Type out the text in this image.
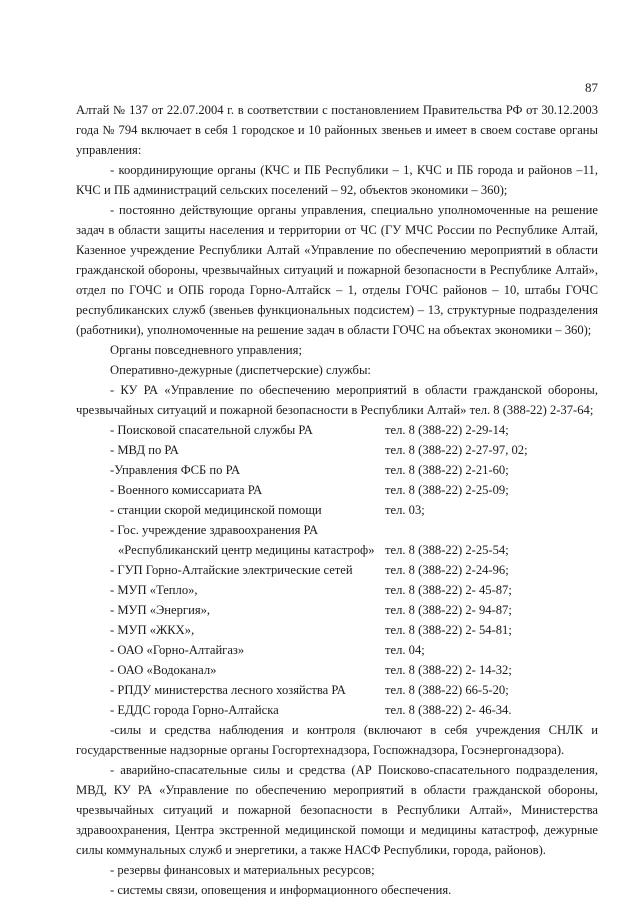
87

Алтай № 137 от 22.07.2004 г. в соответствии с постановлением Правительства РФ от 30.12.2003 года № 794 включает в себя 1 городское и 10 районных звеньев и имеет в своем составе органы управления:

- координирующие органы (КЧС и ПБ Республики – 1, КЧС и ПБ города и районов –11, КЧС и ПБ администраций сельских поселений – 92, объектов экономики – 360);

- постоянно действующие органы управления, специально уполномоченные на решение задач в области защиты населения и территории от ЧС (ГУ МЧС России по Республике Алтай, Казенное учреждение Республики Алтай «Управление по обеспечению мероприятий в области гражданской обороны, чрезвычайных ситуаций и пожарной безопасности в Республике Алтай», отдел по ГОЧС и ОПБ города Горно-Алтайск – 1, отделы ГОЧС районов – 10, штабы ГОЧС республиканских служб (звеньев функциональных подсистем) – 13, структурные подразделения (работники), уполномоченные на решение задач в области ГОЧС на объектах экономики – 360);

Органы повседневного управления;

Оперативно-дежурные (диспетчерские) службы:

- КУ РА «Управление по обеспечению мероприятий в области гражданской обороны, чрезвычайных ситуаций и пожарной безопасности в Республики Алтай» тел. 8 (388-22) 2-37-64;

- Поисковой спасательной службы РА	тел. 8 (388-22) 2-29-14;
- МВД по РА	тел. 8 (388-22) 2-27-97, 02;
-Управления ФСБ по РА	тел. 8 (388-22) 2-21-60;
- Военного комиссариата РА	тел. 8 (388-22) 2-25-09;
- станции скорой медицинской помощи	тел. 03;
- Гос. учреждение здравоохранения РА
«Республиканский центр медицины катастроф» тел. 8 (388-22) 2-25-54;
- ГУП Горно-Алтайские электрические сетей	тел. 8 (388-22) 2-24-96;
- МУП «Тепло»,	тел. 8 (388-22) 2- 45-87;
- МУП «Энергия»,	тел. 8 (388-22) 2- 94-87;
- МУП «ЖКХ»,	тел. 8 (388-22) 2- 54-81;
- ОАО «Горно-Алтайгаз»	тел. 04;
- ОАО «Водоканал»	тел. 8 (388-22) 2- 14-32;
- РПДУ министерства лесного хозяйства РА	тел. 8 (388-22) 66-5-20;
- ЕДДС города Горно-Алтайска	тел. 8 (388-22) 2- 46-34.

-силы и средства наблюдения и контроля (включают в себя учреждения СНЛК и государственные надзорные органы Госгортехнадзора, Госпожнадзора, Госэнергонадзора).

- аварийно-спасательные силы и средства (АР Поисково-спасательного подразделения, МВД, КУ РА «Управление по обеспечению мероприятий в области гражданской обороны, чрезвычайных ситуаций и пожарной безопасности в Республики Алтай», Министерства здравоохранения, Центра экстренной медицинской помощи и медицины катастроф, дежурные силы коммунальных служб и энергетики, а также НАСФ Республики, города, районов).

- резервы финансовых и материальных ресурсов;

- системы связи, оповещения и информационного обеспечения.
